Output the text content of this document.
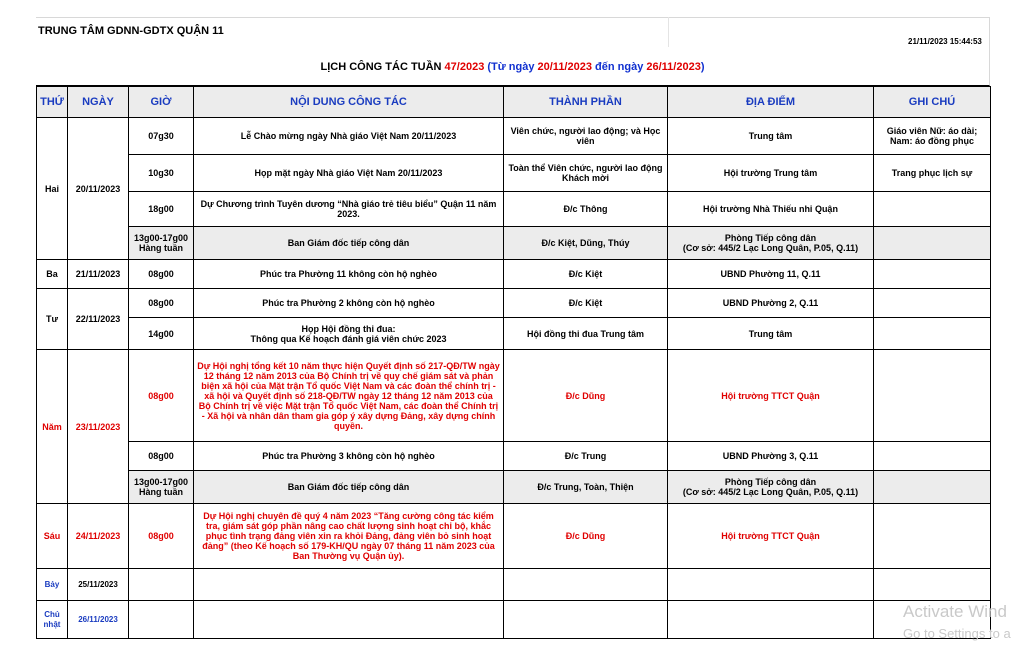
TRUNG TÂM GDNN-GDTX QUẬN 11
21/11/2023 15:44:53
LỊCH CÔNG TÁC TUẦN 47/2023 (Từ ngày 20/11/2023 đến ngày 26/11/2023)
THỨ	NGÀY	GIỜ	NỘI DUNG CÔNG TÁC	THÀNH PHẦN	ĐỊA ĐIỂM	GHI CHÚ
Hai	20/11/2023	07g30	Lễ Chào mừng ngày Nhà giáo Việt Nam 20/11/2023	Viên chức, người lao động; và Học viên	Trung tâm	Giáo viên Nữ: áo dài; Nam: áo đồng phục
		10g30	Họp mặt ngày Nhà giáo Việt Nam 20/11/2023	Toàn thể Viên chức, người lao động Khách mời	Hội trường Trung tâm	Trang phục lịch sự
		18g00	Dự Chương trình Tuyên dương “Nhà giáo trẻ tiêu biểu” Quận 11 năm 2023.	Đ/c Thông	Hội trường Nhà Thiếu nhi Quận	
		13g00-17g00 Hàng tuần	Ban Giám đốc tiếp công dân	Đ/c Kiệt, Dũng, Thúy	Phòng Tiếp công dân
(Cơ sở: 445/2 Lạc Long Quân, P.05, Q.11)	

Ba	21/11/2023	08g00	Phúc tra Phường 11 không còn hộ nghèo	Đ/c Kiệt	UBND Phường 11, Q.11	
Tư	22/11/2023	08g00	Phúc tra Phường 2 không còn hộ nghèo	Đ/c Kiệt	UBND Phường 2, Q.11	
		14g00	Họp Hội đồng thi đua:
Thông qua Kế hoạch đánh giá viên chức 2023	Hội đồng thi đua Trung tâm	Trung tâm	
Năm	23/11/2023	08g00	Dự Hội nghị tổng kết 10 năm thực hiện Quyết định số 217-QĐ/TW ngày 12 tháng 12 năm 2013 của Bộ Chính trị về quy chế giám sát và phản biện xã hội của Mặt trận Tổ quốc Việt Nam và các đoàn thể chính trị - xã hội và Quyết định số 218-QĐ/TW ngày 12 tháng 12 năm 2013 của Bộ Chính trị về việc Mặt trận Tổ quốc Việt Nam, các đoàn thể Chính trị - Xã hội và nhân dân tham gia góp ý xây dựng Đảng, xây dựng chính quyền.	Đ/c Dũng	Hội trường TTCT Quận	
		08g00	Phúc tra Phường 3 không còn hộ nghèo	Đ/c Trung	UBND Phường 3, Q.11	
		13g00-17g00 Hàng tuần	Ban Giám đốc tiếp công dân	Đ/c Trung, Toàn, Thiện	Phòng Tiếp công dân
(Cơ sở: 445/2 Lạc Long Quân, P.05, Q.11)	

Sáu	24/11/2023	08g00	Dự Hội nghị chuyên đề quý 4 năm 2023 “Tăng cường công tác kiểm tra, giám sát góp phần nâng cao chất lượng sinh hoạt chi bộ, khắc phục tình trạng đảng viên xin ra khỏi Đảng, đảng viên bỏ sinh hoạt đảng” (theo Kế hoạch số 179-KH/QU ngày 07 tháng 11 năm 2023 của Ban Thường vụ Quận ủy).	Đ/c Dũng	Hội trường TTCT Quận	
Bảy	25/11/2023					
Chủ nhật	26/11/2023						Activate Wind
Go to Settings to a
